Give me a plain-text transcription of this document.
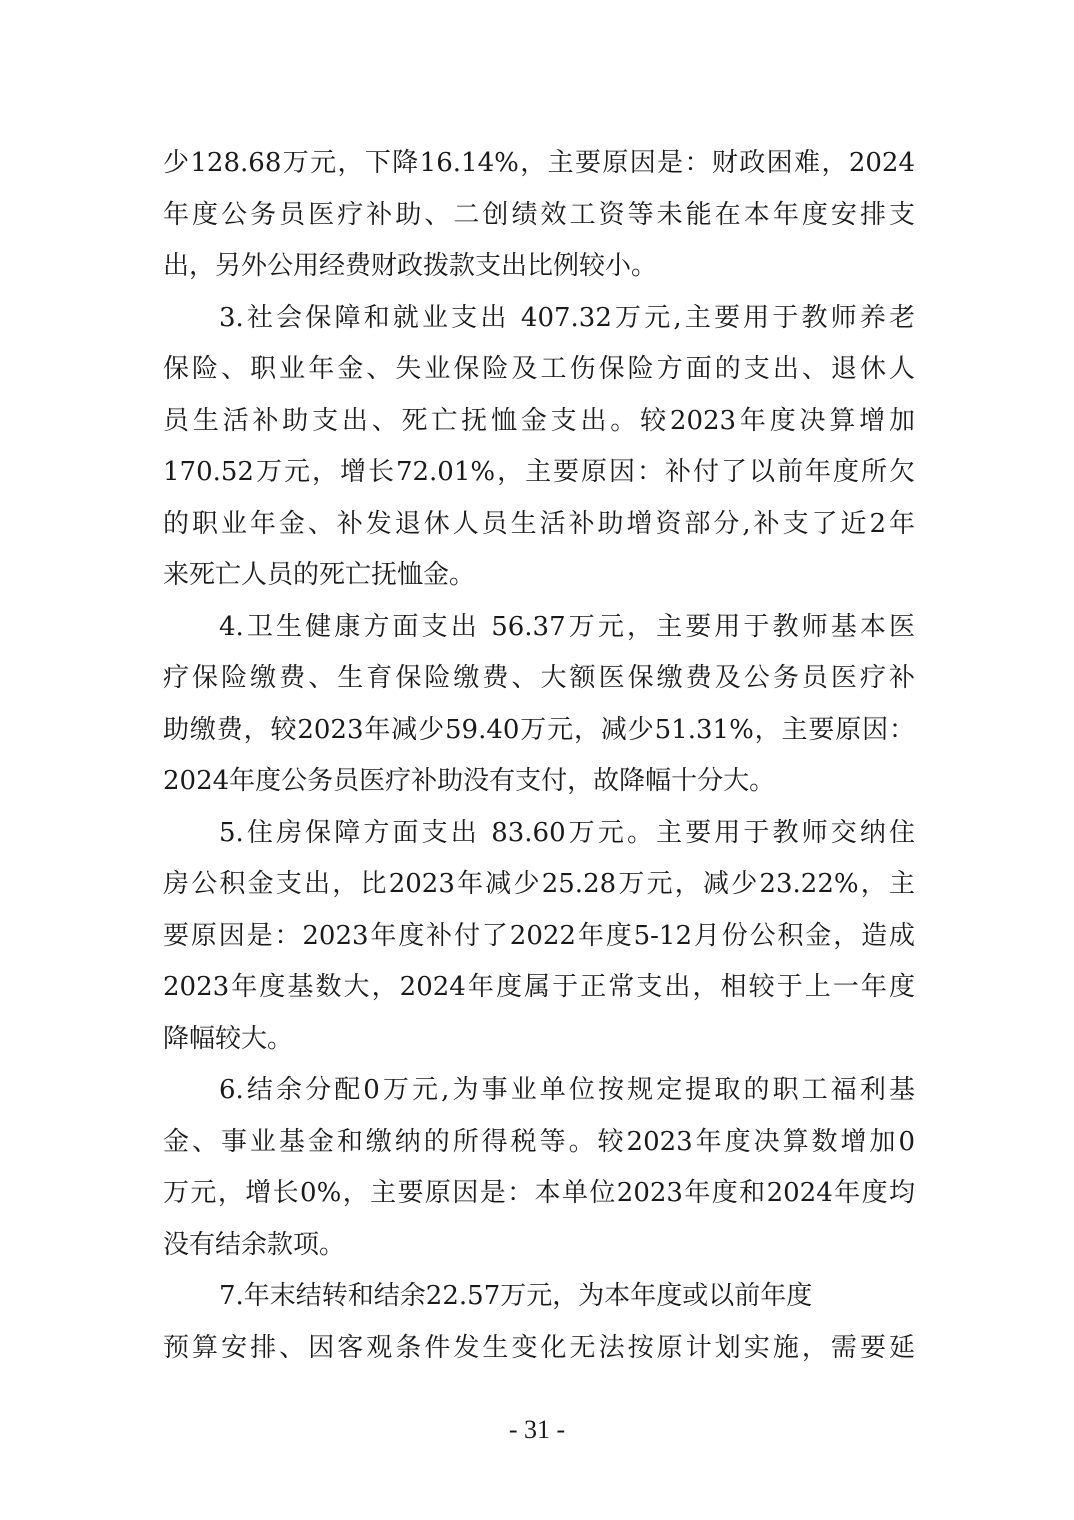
少128.68万元，下降16.14%，主要原因是：财政困难，2024
年度公务员医疗补助、二创绩效工资等未能在本年度安排支
出，另外公用经费财政拨款支出比例较小。
3.社会保障和就业支出 407.32万元,主要用于教师养老
保险、职业年金、失业保险及工伤保险方面的支出、退休人
员生活补助支出、死亡抚恤金支出。较2023年度决算增加
170.52万元，增长72.01%，主要原因：补付了以前年度所欠
的职业年金、补发退休人员生活补助增资部分,补支了近2年
来死亡人员的死亡抚恤金。
4.卫生健康方面支出 56.37万元，主要用于教师基本医
疗保险缴费、生育保险缴费、大额医保缴费及公务员医疗补
助缴费，较2023年减少59.40万元，减少51.31%，主要原因：
2024年度公务员医疗补助没有支付，故降幅十分大。
5.住房保障方面支出 83.60万元。主要用于教师交纳住
房公积金支出，比2023年减少25.28万元，减少23.22%，主
要原因是：2023年度补付了2022年度5-12月份公积金，造成
2023年度基数大，2024年度属于正常支出，相较于上一年度
降幅较大。
6.结余分配0万元,为事业单位按规定提取的职工福利基
金、事业基金和缴纳的所得税等。较2023年度决算数增加0
万元，增长0%，主要原因是：本单位2023年度和2024年度均
没有结余款项。
7.年末结转和结余22.57万元，为本年度或以前年度
预算安排、因客观条件发生变化无法按原计划实施，需要延
- 31 -
